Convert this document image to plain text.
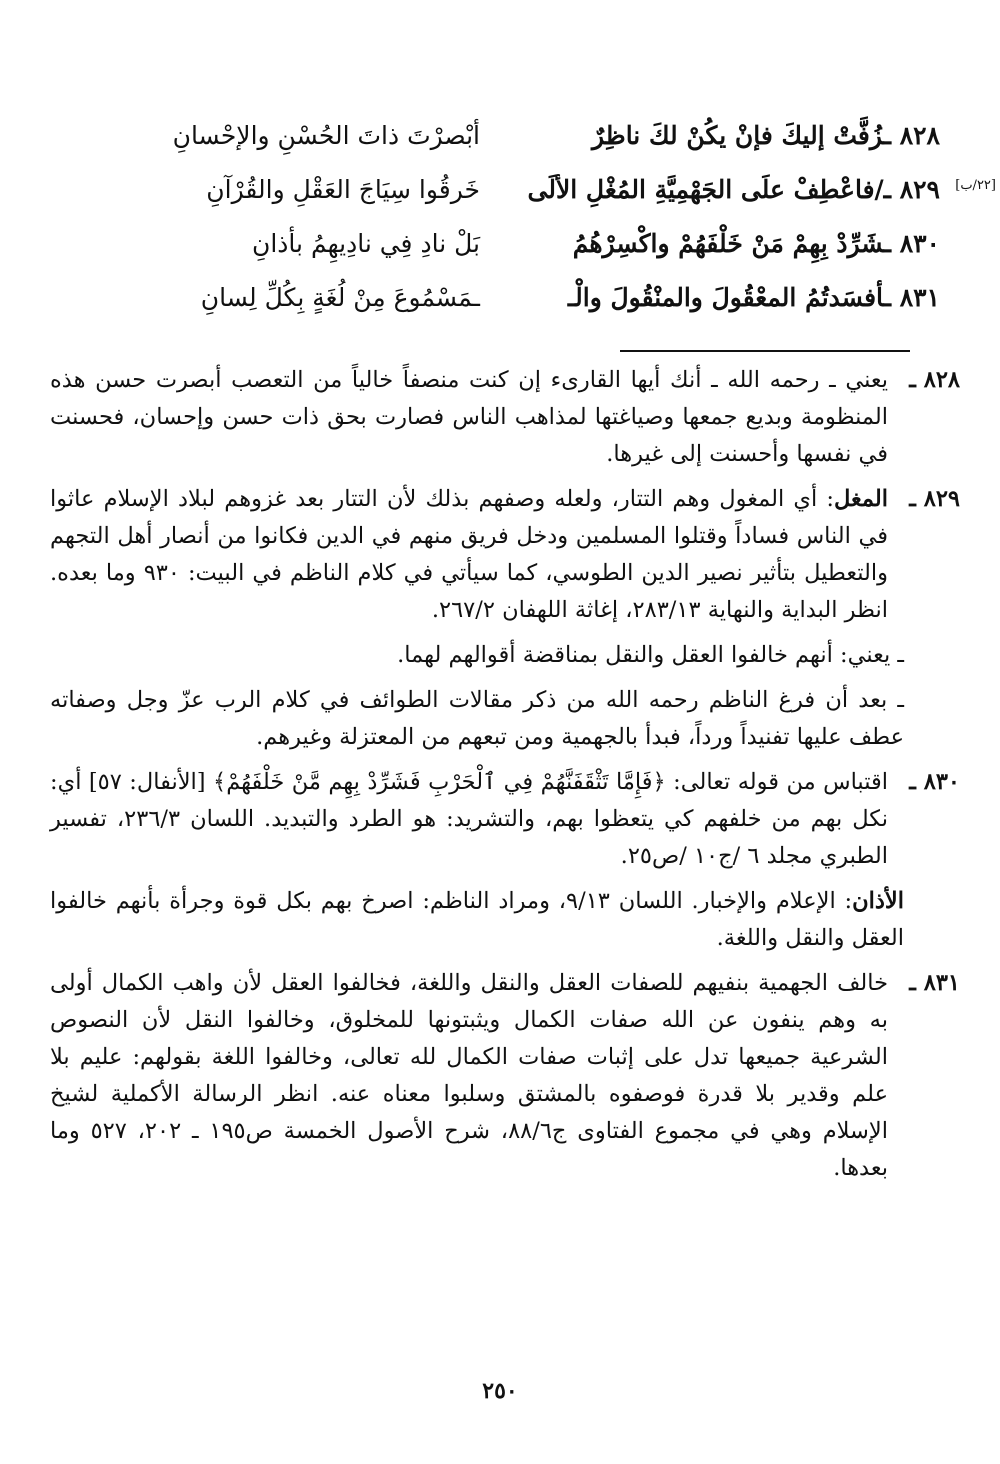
٨٢٨ ـزُفَّتْ إليكَ فإنْ يكُنْ لكَ ناظِرٌ
أبْصرْتَ ذاتَ الحُسْنِ والإحْسانِ
[٢٢/ب]
٨٢٩ ـ/فاعْطِفْ علَى الجَهْمِيَّةِ المُغْلِ الألَى
خَرقُوا سِيَاجَ العَقْلِ والقُرْآنِ
٨٣٠ ـشَرِّدْ بِهِمْ مَنْ خَلْفَهُمْ واكْسِرْهُمُ
بَلْ نادِ فِي نادِيهِمُ بأذانِ
٨٣١ ـأفسَدتُمُ المعْقُولَ والمنْقُولَ والْـ
ـمَسْمُوعَ مِنْ لُغَةٍ بِكُلِّ لِسانِ
٨٢٨ ـ
يعني ـ رحمه الله ـ أنك أيها القارىء إن كنت منصفاً خالياً من التعصب أبصرت حسن هذه المنظومة وبديع جمعها وصياغتها لمذاهب الناس فصارت بحق ذات حسن وإحسان، فحسنت في نفسها وأحسنت إلى غيرها.
٨٢٩ ـ
المغل: أي المغول وهم التتار، ولعله وصفهم بذلك لأن التتار بعد غزوهم لبلاد الإسلام عاثوا في الناس فساداً وقتلوا المسلمين ودخل فريق منهم في الدين فكانوا من أنصار أهل التجهم والتعطيل بتأثير نصير الدين الطوسي، كما سيأتي في كلام الناظم في البيت: ٩٣٠ وما بعده. انظر البداية والنهاية ٢٨٣/١٣، إغاثة اللهفان ٢٦٧/٢.
ـ يعني: أنهم خالفوا العقل والنقل بمناقضة أقوالهم لهما.
ـ بعد أن فرغ الناظم رحمه الله من ذكر مقالات الطوائف في كلام الرب عزّ وجل وصفاته عطف عليها تفنيداً ورداً، فبدأ بالجهمية ومن تبعهم من المعتزلة وغيرهم.
٨٣٠ ـ
اقتباس من قوله تعالى: ﴿فَإِمَّا تَثْقَفَنَّهُمْ فِي ٱلْحَرْبِ فَشَرِّدْ بِهِم مَّنْ خَلْفَهُمْ﴾ [الأنفال: ٥٧] أي: نكل بهم من خلفهم كي يتعظوا بهم، والتشريد: هو الطرد والتبديد. اللسان ٢٣٦/٣، تفسير الطبري مجلد ٦ /ج١٠ /ص٢٥.
الأذان: الإعلام والإخبار. اللسان ٩/١٣، ومراد الناظم: اصرخ بهم بكل قوة وجرأة بأنهم خالفوا العقل والنقل واللغة.
٨٣١ ـ
خالف الجهمية بنفيهم للصفات العقل والنقل واللغة، فخالفوا العقل لأن واهب الكمال أولى به وهم ينفون عن الله صفات الكمال ويثبتونها للمخلوق، وخالفوا النقل لأن النصوص الشرعية جميعها تدل على إثبات صفات الكمال لله تعالى، وخالفوا اللغة بقولهم: عليم بلا علم وقدير بلا قدرة فوصفوه بالمشتق وسلبوا معناه عنه. انظر الرسالة الأكملية لشيخ الإسلام وهي في مجموع الفتاوى ج٨٨/٦، شرح الأصول الخمسة ص١٩٥ ـ ٢٠٢، ٥٢٧ وما بعدها.
٢٥٠
